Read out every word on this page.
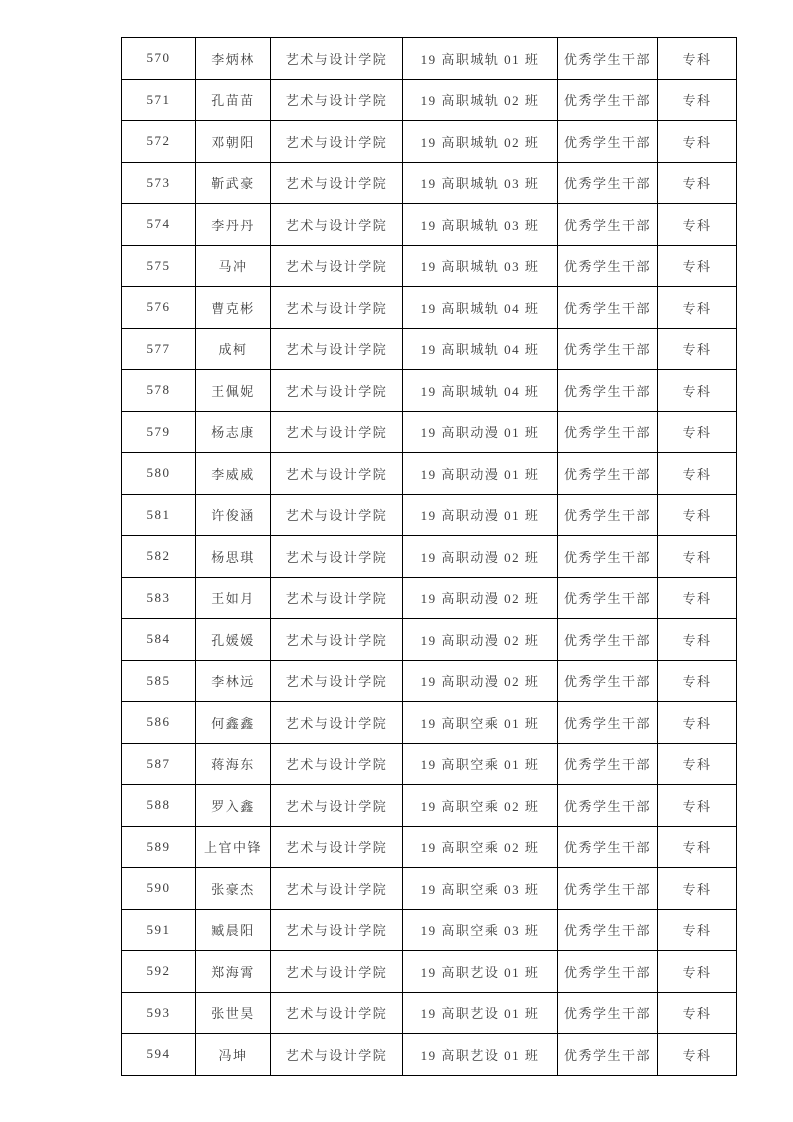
570	李炳林	艺术与设计学院	19 高职城轨 01 班	优秀学生干部	专科
571	孔苗苗	艺术与设计学院	19 高职城轨 02 班	优秀学生干部	专科
572	邓朝阳	艺术与设计学院	19 高职城轨 02 班	优秀学生干部	专科
573	靳武豪	艺术与设计学院	19 高职城轨 03 班	优秀学生干部	专科
574	李丹丹	艺术与设计学院	19 高职城轨 03 班	优秀学生干部	专科
575	马冲	艺术与设计学院	19 高职城轨 03 班	优秀学生干部	专科
576	曹克彬	艺术与设计学院	19 高职城轨 04 班	优秀学生干部	专科
577	成柯	艺术与设计学院	19 高职城轨 04 班	优秀学生干部	专科
578	王佩妮	艺术与设计学院	19 高职城轨 04 班	优秀学生干部	专科
579	杨志康	艺术与设计学院	19 高职动漫 01 班	优秀学生干部	专科
580	李威威	艺术与设计学院	19 高职动漫 01 班	优秀学生干部	专科
581	许俊涵	艺术与设计学院	19 高职动漫 01 班	优秀学生干部	专科
582	杨思琪	艺术与设计学院	19 高职动漫 02 班	优秀学生干部	专科
583	王如月	艺术与设计学院	19 高职动漫 02 班	优秀学生干部	专科
584	孔媛媛	艺术与设计学院	19 高职动漫 02 班	优秀学生干部	专科
585	李林远	艺术与设计学院	19 高职动漫 02 班	优秀学生干部	专科
586	何鑫鑫	艺术与设计学院	19 高职空乘 01 班	优秀学生干部	专科
587	蒋海东	艺术与设计学院	19 高职空乘 01 班	优秀学生干部	专科
588	罗入鑫	艺术与设计学院	19 高职空乘 02 班	优秀学生干部	专科
589	上官中锋	艺术与设计学院	19 高职空乘 02 班	优秀学生干部	专科
590	张豪杰	艺术与设计学院	19 高职空乘 03 班	优秀学生干部	专科
591	臧晨阳	艺术与设计学院	19 高职空乘 03 班	优秀学生干部	专科
592	郑海霄	艺术与设计学院	19 高职艺设 01 班	优秀学生干部	专科
593	张世昊	艺术与设计学院	19 高职艺设 01 班	优秀学生干部	专科
594	冯坤	艺术与设计学院	19 高职艺设 01 班	优秀学生干部	专科
